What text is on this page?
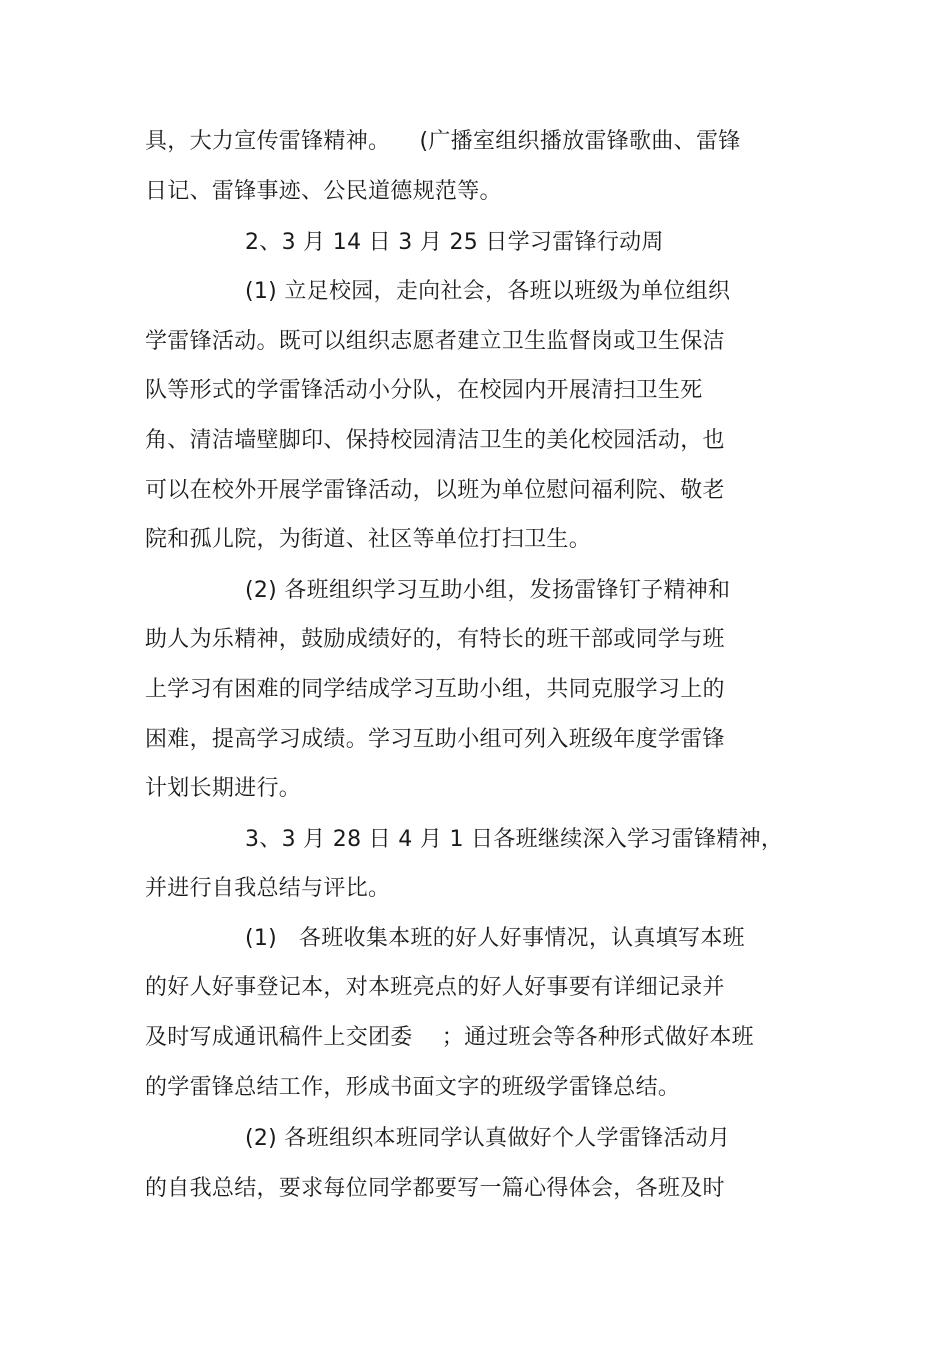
具，大力宣传雷锋精神。    (广播室组织播放雷锋歌曲、雷锋
日记、雷锋事迹、公民道德规范等。
2、3 月 14 日 3 月 25 日学习雷锋行动周
(1) 立足校园，走向社会，各班以班级为单位组织
学雷锋活动。既可以组织志愿者建立卫生监督岗或卫生保洁
队等形式的学雷锋活动小分队，在校园内开展清扫卫生死
角、清洁墙壁脚印、保持校园清洁卫生的美化校园活动，也
可以在校外开展学雷锋活动，以班为单位慰问福利院、敬老
院和孤儿院，为街道、社区等单位打扫卫生。
(2) 各班组织学习互助小组，发扬雷锋钉子精神和
助人为乐精神，鼓励成绩好的，有特长的班干部或同学与班
上学习有困难的同学结成学习互助小组，共同克服学习上的
困难，提高学习成绩。学习互助小组可列入班级年度学雷锋
计划长期进行。
3、3 月 28 日 4 月 1 日各班继续深入学习雷锋精神，
并进行自我总结与评比。
(1)   各班收集本班的好人好事情况，认真填写本班
的好人好事登记本，对本班亮点的好人好事要有详细记录并
及时写成通讯稿件上交团委    ；通过班会等各种形式做好本班
的学雷锋总结工作，形成书面文字的班级学雷锋总结。
(2) 各班组织本班同学认真做好个人学雷锋活动月
的自我总结，要求每位同学都要写一篇心得体会，各班及时
